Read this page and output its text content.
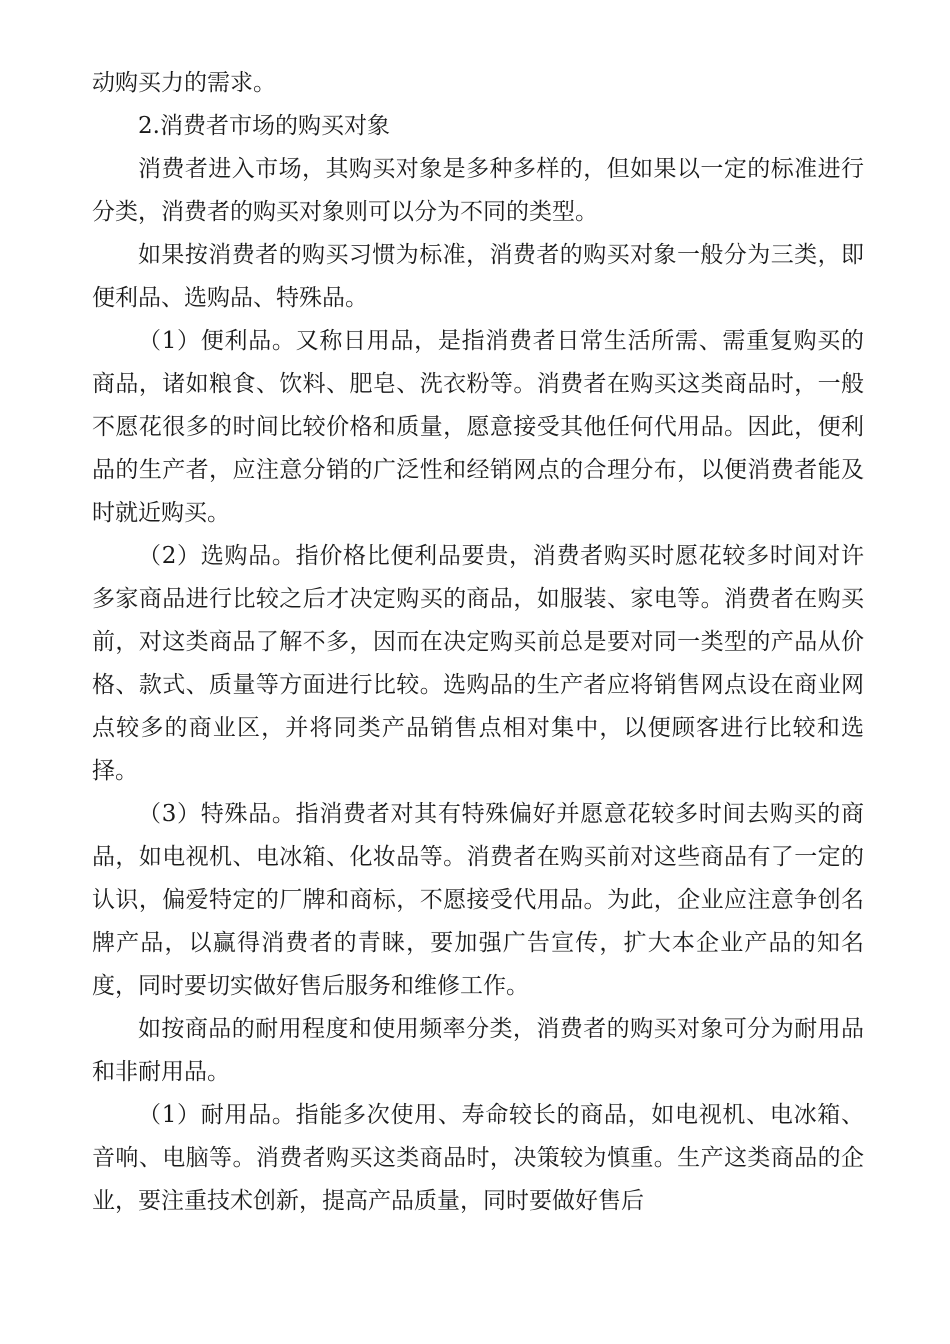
动购买力的需求。

2.消费者市场的购买对象

消费者进入市场，其购买对象是多种多样的，但如果以一定的标准进行分类，消费者的购买对象则可以分为不同的类型。

如果按消费者的购买习惯为标准，消费者的购买对象一般分为三类，即便利品、选购品、特殊品。

（1）便利品。又称日用品，是指消费者日常生活所需、需重复购买的商品，诸如粮食、饮料、肥皂、洗衣粉等。消费者在购买这类商品时，一般不愿花很多的时间比较价格和质量，愿意接受其他任何代用品。因此，便利品的生产者，应注意分销的广泛性和经销网点的合理分布，以便消费者能及时就近购买。

（2）选购品。指价格比便利品要贵，消费者购买时愿花较多时间对许多家商品进行比较之后才决定购买的商品，如服装、家电等。消费者在购买前，对这类商品了解不多，因而在决定购买前总是要对同一类型的产品从价格、款式、质量等方面进行比较。选购品的生产者应将销售网点设在商业网点较多的商业区，并将同类产品销售点相对集中，以便顾客进行比较和选择。

（3）特殊品。指消费者对其有特殊偏好并愿意花较多时间去购买的商品，如电视机、电冰箱、化妆品等。消费者在购买前对这些商品有了一定的认识，偏爱特定的厂牌和商标，不愿接受代用品。为此，企业应注意争创名牌产品，以赢得消费者的青睐，要加强广告宣传，扩大本企业产品的知名度，同时要切实做好售后服务和维修工作。

如按商品的耐用程度和使用频率分类，消费者的购买对象可分为耐用品和非耐用品。

（1）耐用品。指能多次使用、寿命较长的商品，如电视机、电冰箱、音响、电脑等。消费者购买这类商品时，决策较为慎重。生产这类商品的企业，要注重技术创新，提高产品质量，同时要做好售后
